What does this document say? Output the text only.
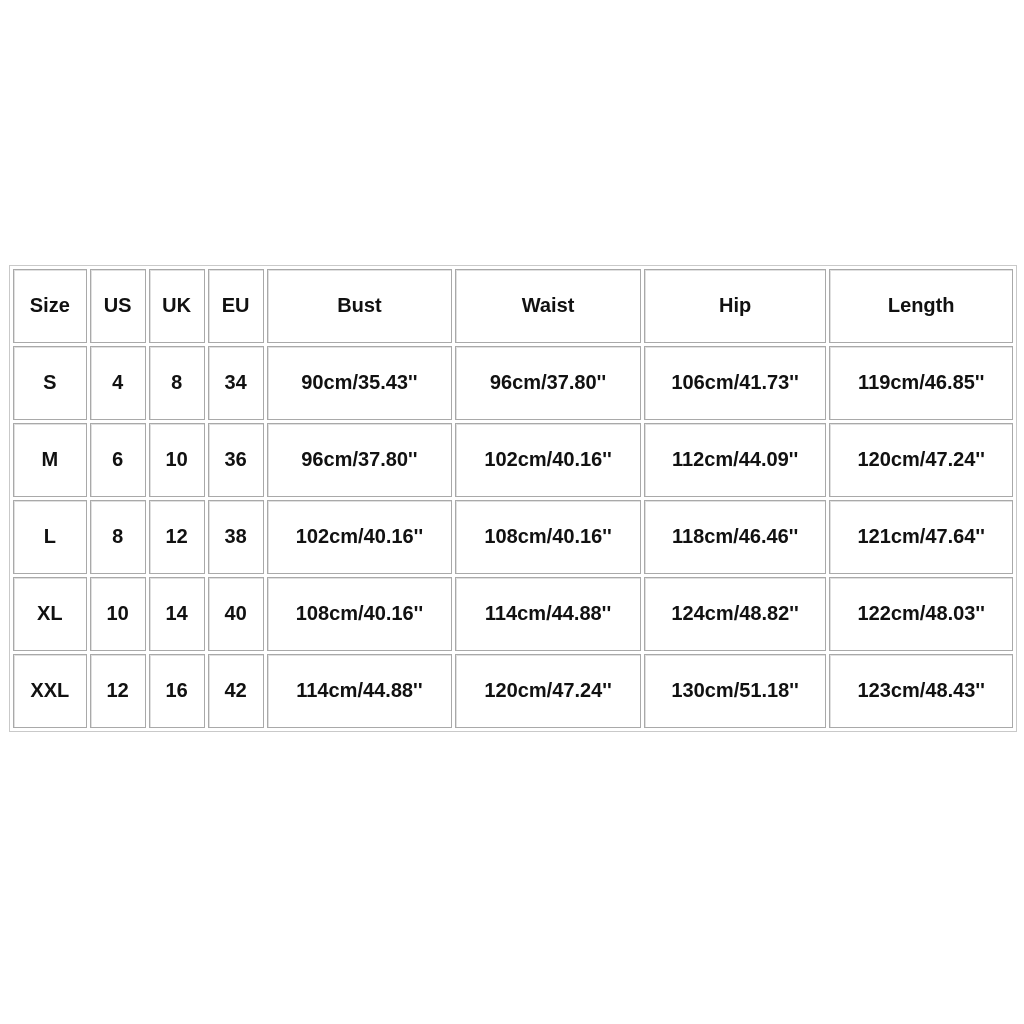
Size	US	UK	EU	Bust	Waist	Hip	Length
S	4	8	34	90cm/35.43''	96cm/37.80''	106cm/41.73''	119cm/46.85''
M	6	10	36	96cm/37.80''	102cm/40.16''	112cm/44.09''	120cm/47.24''
L	8	12	38	102cm/40.16''	108cm/40.16''	118cm/46.46''	121cm/47.64''
XL	10	14	40	108cm/40.16''	114cm/44.88''	124cm/48.82''	122cm/48.03''
XXL	12	16	42	114cm/44.88''	120cm/47.24''	130cm/51.18''	123cm/48.43''
